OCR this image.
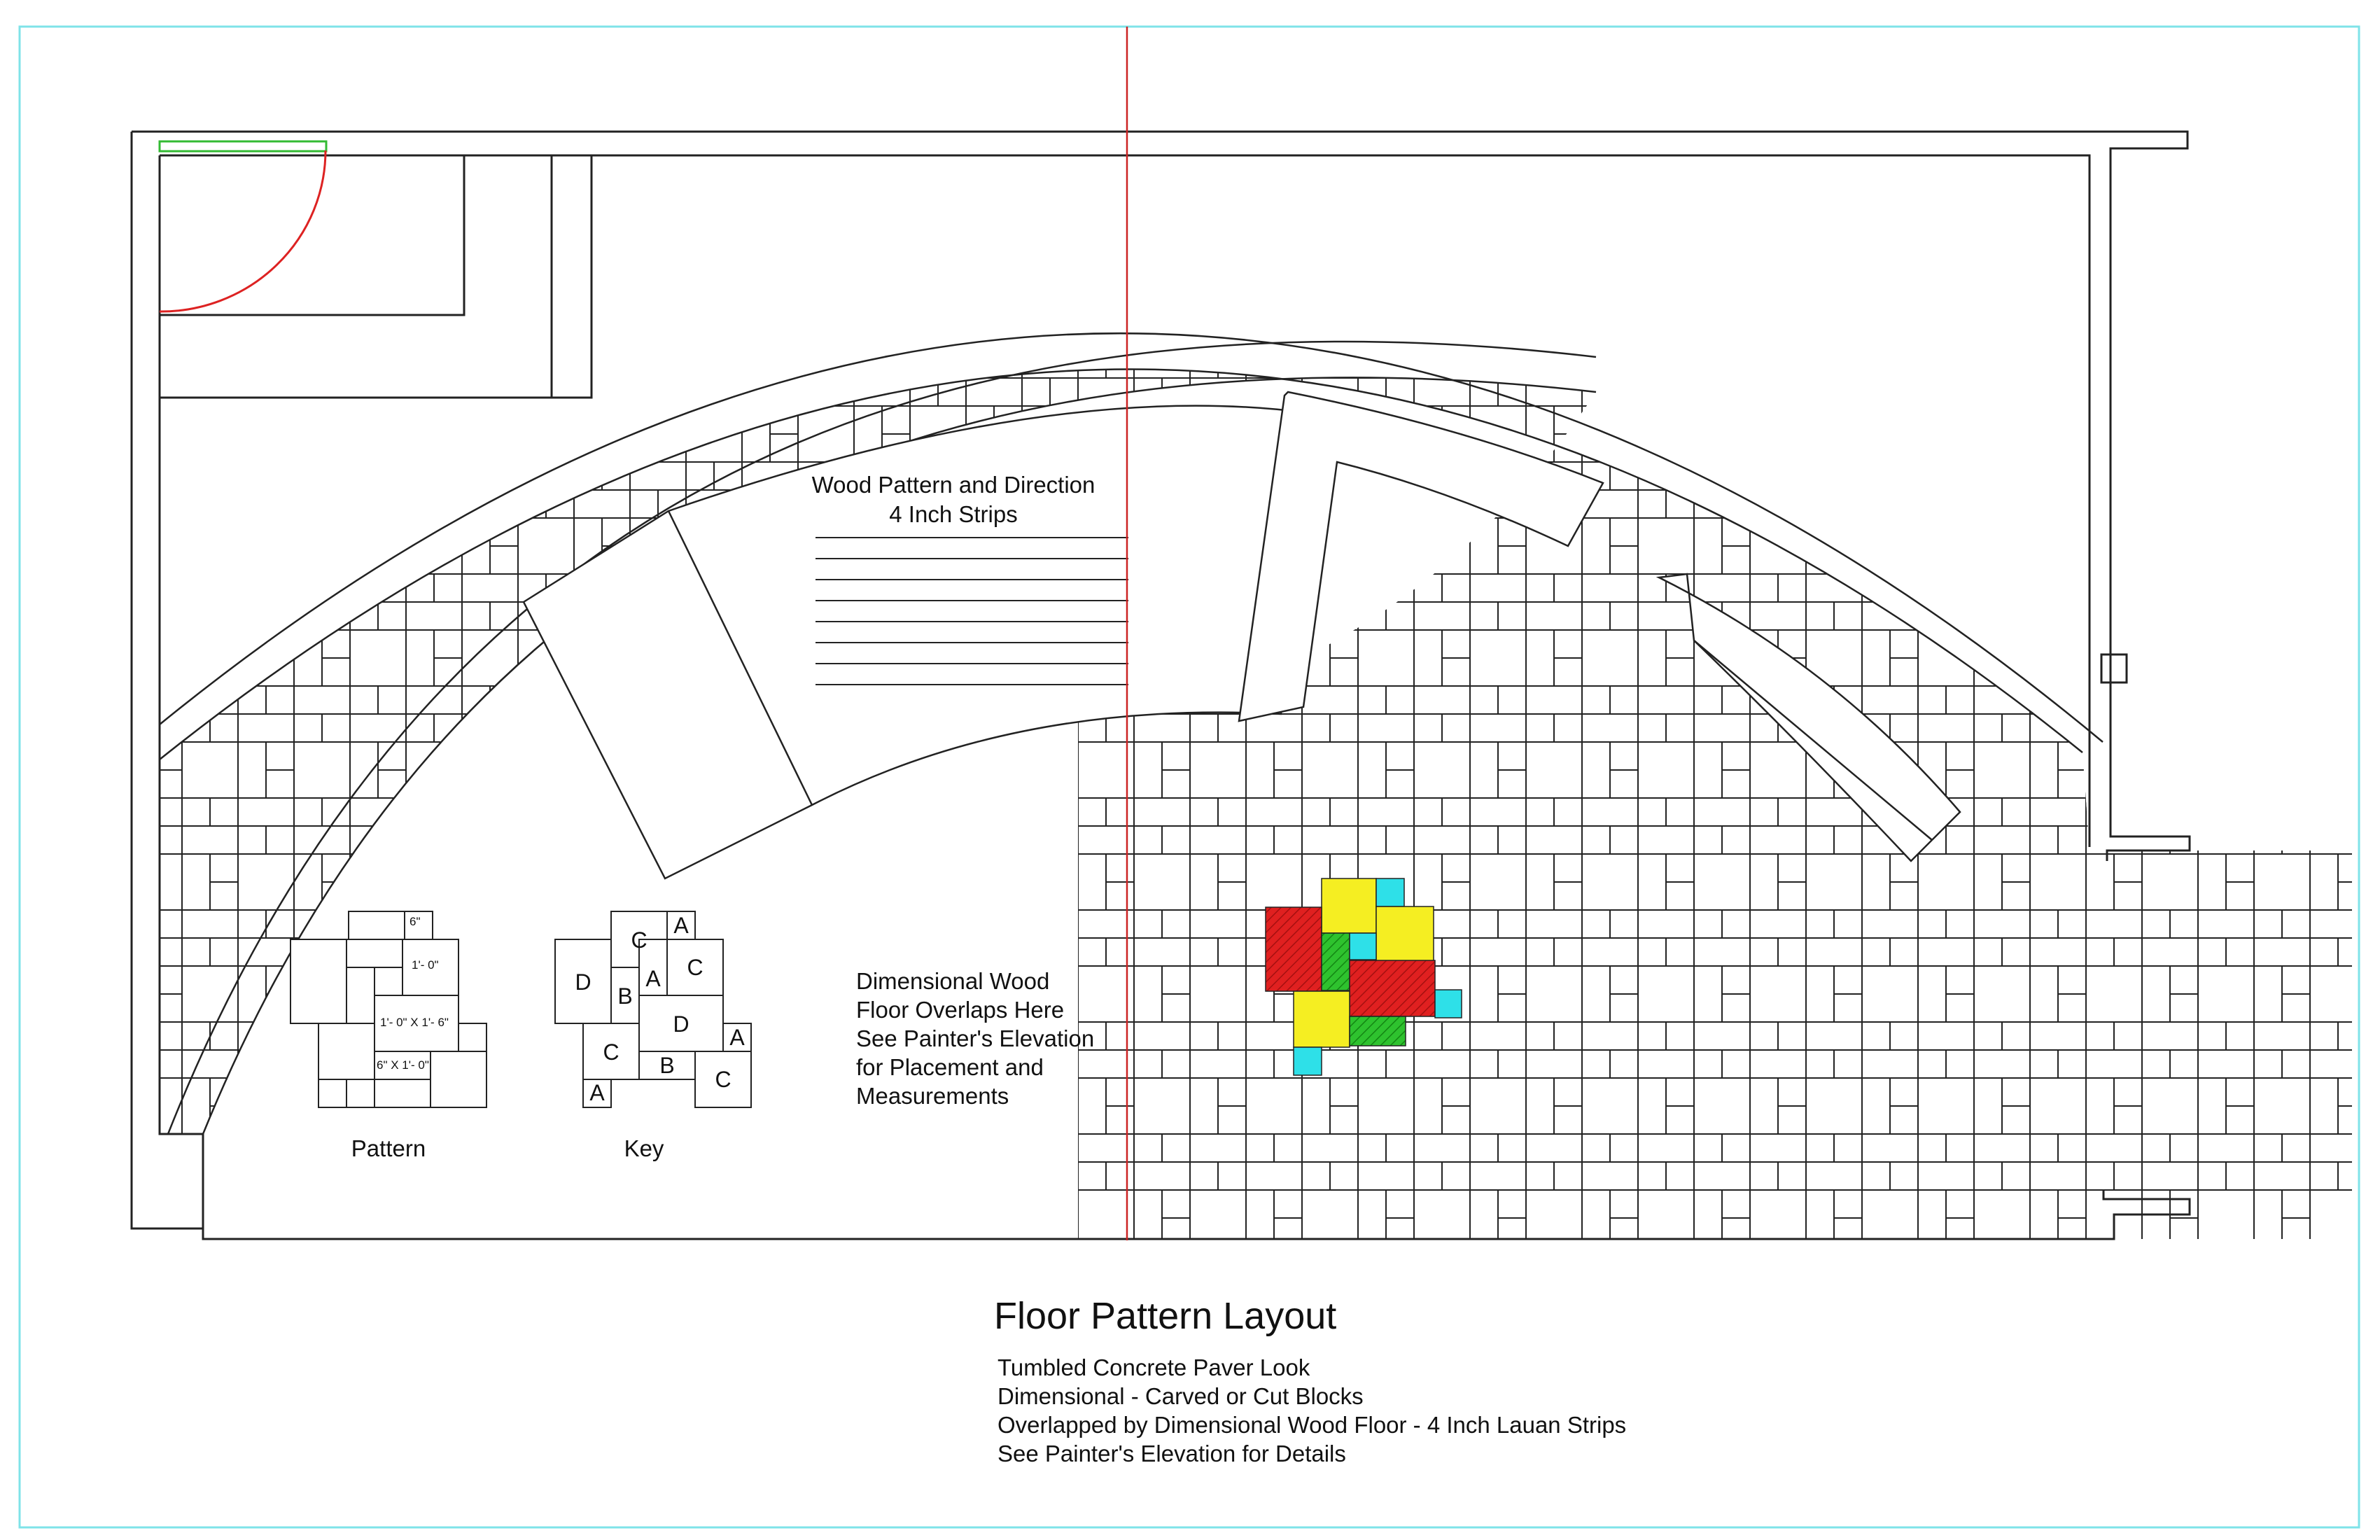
6"
1'- 0"
1'- 0" X 1'- 6"
6" X 1'- 0"
C
A
D
B
A C
D
C
B
A
C
A
Pattern	Key
Wood Pattern and Direction
4 Inch Strips
Dimensional Wood
Floor Overlaps Here
See Painter's Elevation
for Placement and
Measurements
Floor Pattern Layout
Tumbled Concrete Paver Look
Dimensional - Carved or Cut Blocks
Overlapped by Dimensional Wood Floor - 4 Inch Lauan Strips
See Painter's Elevation for Details
